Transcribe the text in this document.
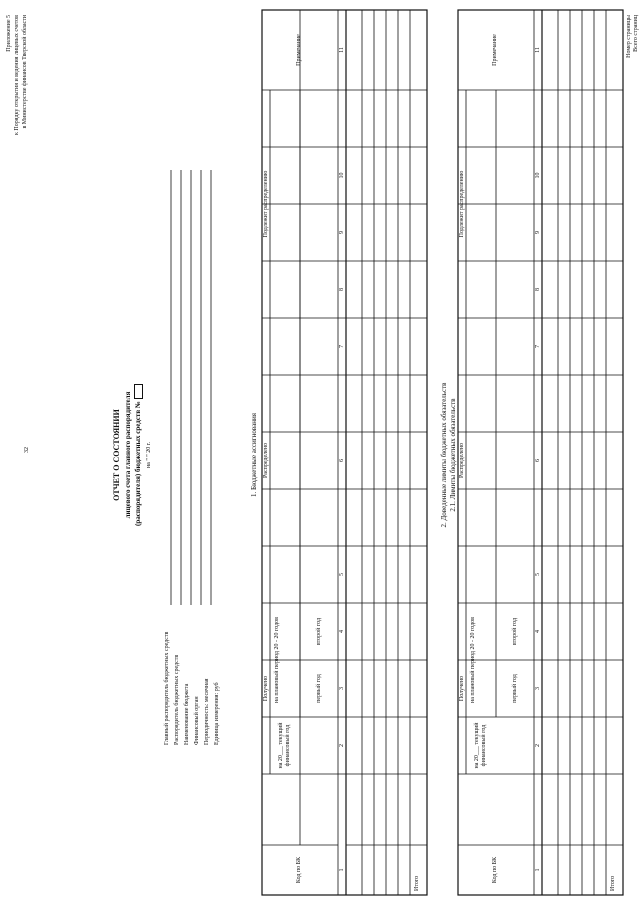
32
Приложение 5 к Порядку открытия и ведения лицевых счетов в Министерстве финансов Тверской области
ОТЧЕТ О СОСТОЯНИИ лицевого счета главного распорядителя (распорядителя) бюджетных средств № на " " 20 г.
Главный распорядитель бюджетных средств Распорядитель бюджетных средств Наименование бюджета Финансовый орган Периодичность: месячная Единица измерения: руб
1. Бюджетные ассигнования
Код по БК
Получено
Распределено
Подлежит распределению
на 20___ текущий финансовый год
на плановый период 20 - 20 годов	первый год
второй год
Примечание
1
2
3
4
5
6
7
8
9
10
11
Итого
2. Доведенные лимиты бюджетных обязательств 2.1. Лимиты бюджетных обязательств
Код по БК
Получено
Распределено
Подлежит распределению
на 20___ текущий финансовый год
на плановый период 20 - 20 годов	первый год
второй год
Примечание
1
2
3
4
5
6
7
8
9
10
11
Итого
Номер страницы Всего страниц
